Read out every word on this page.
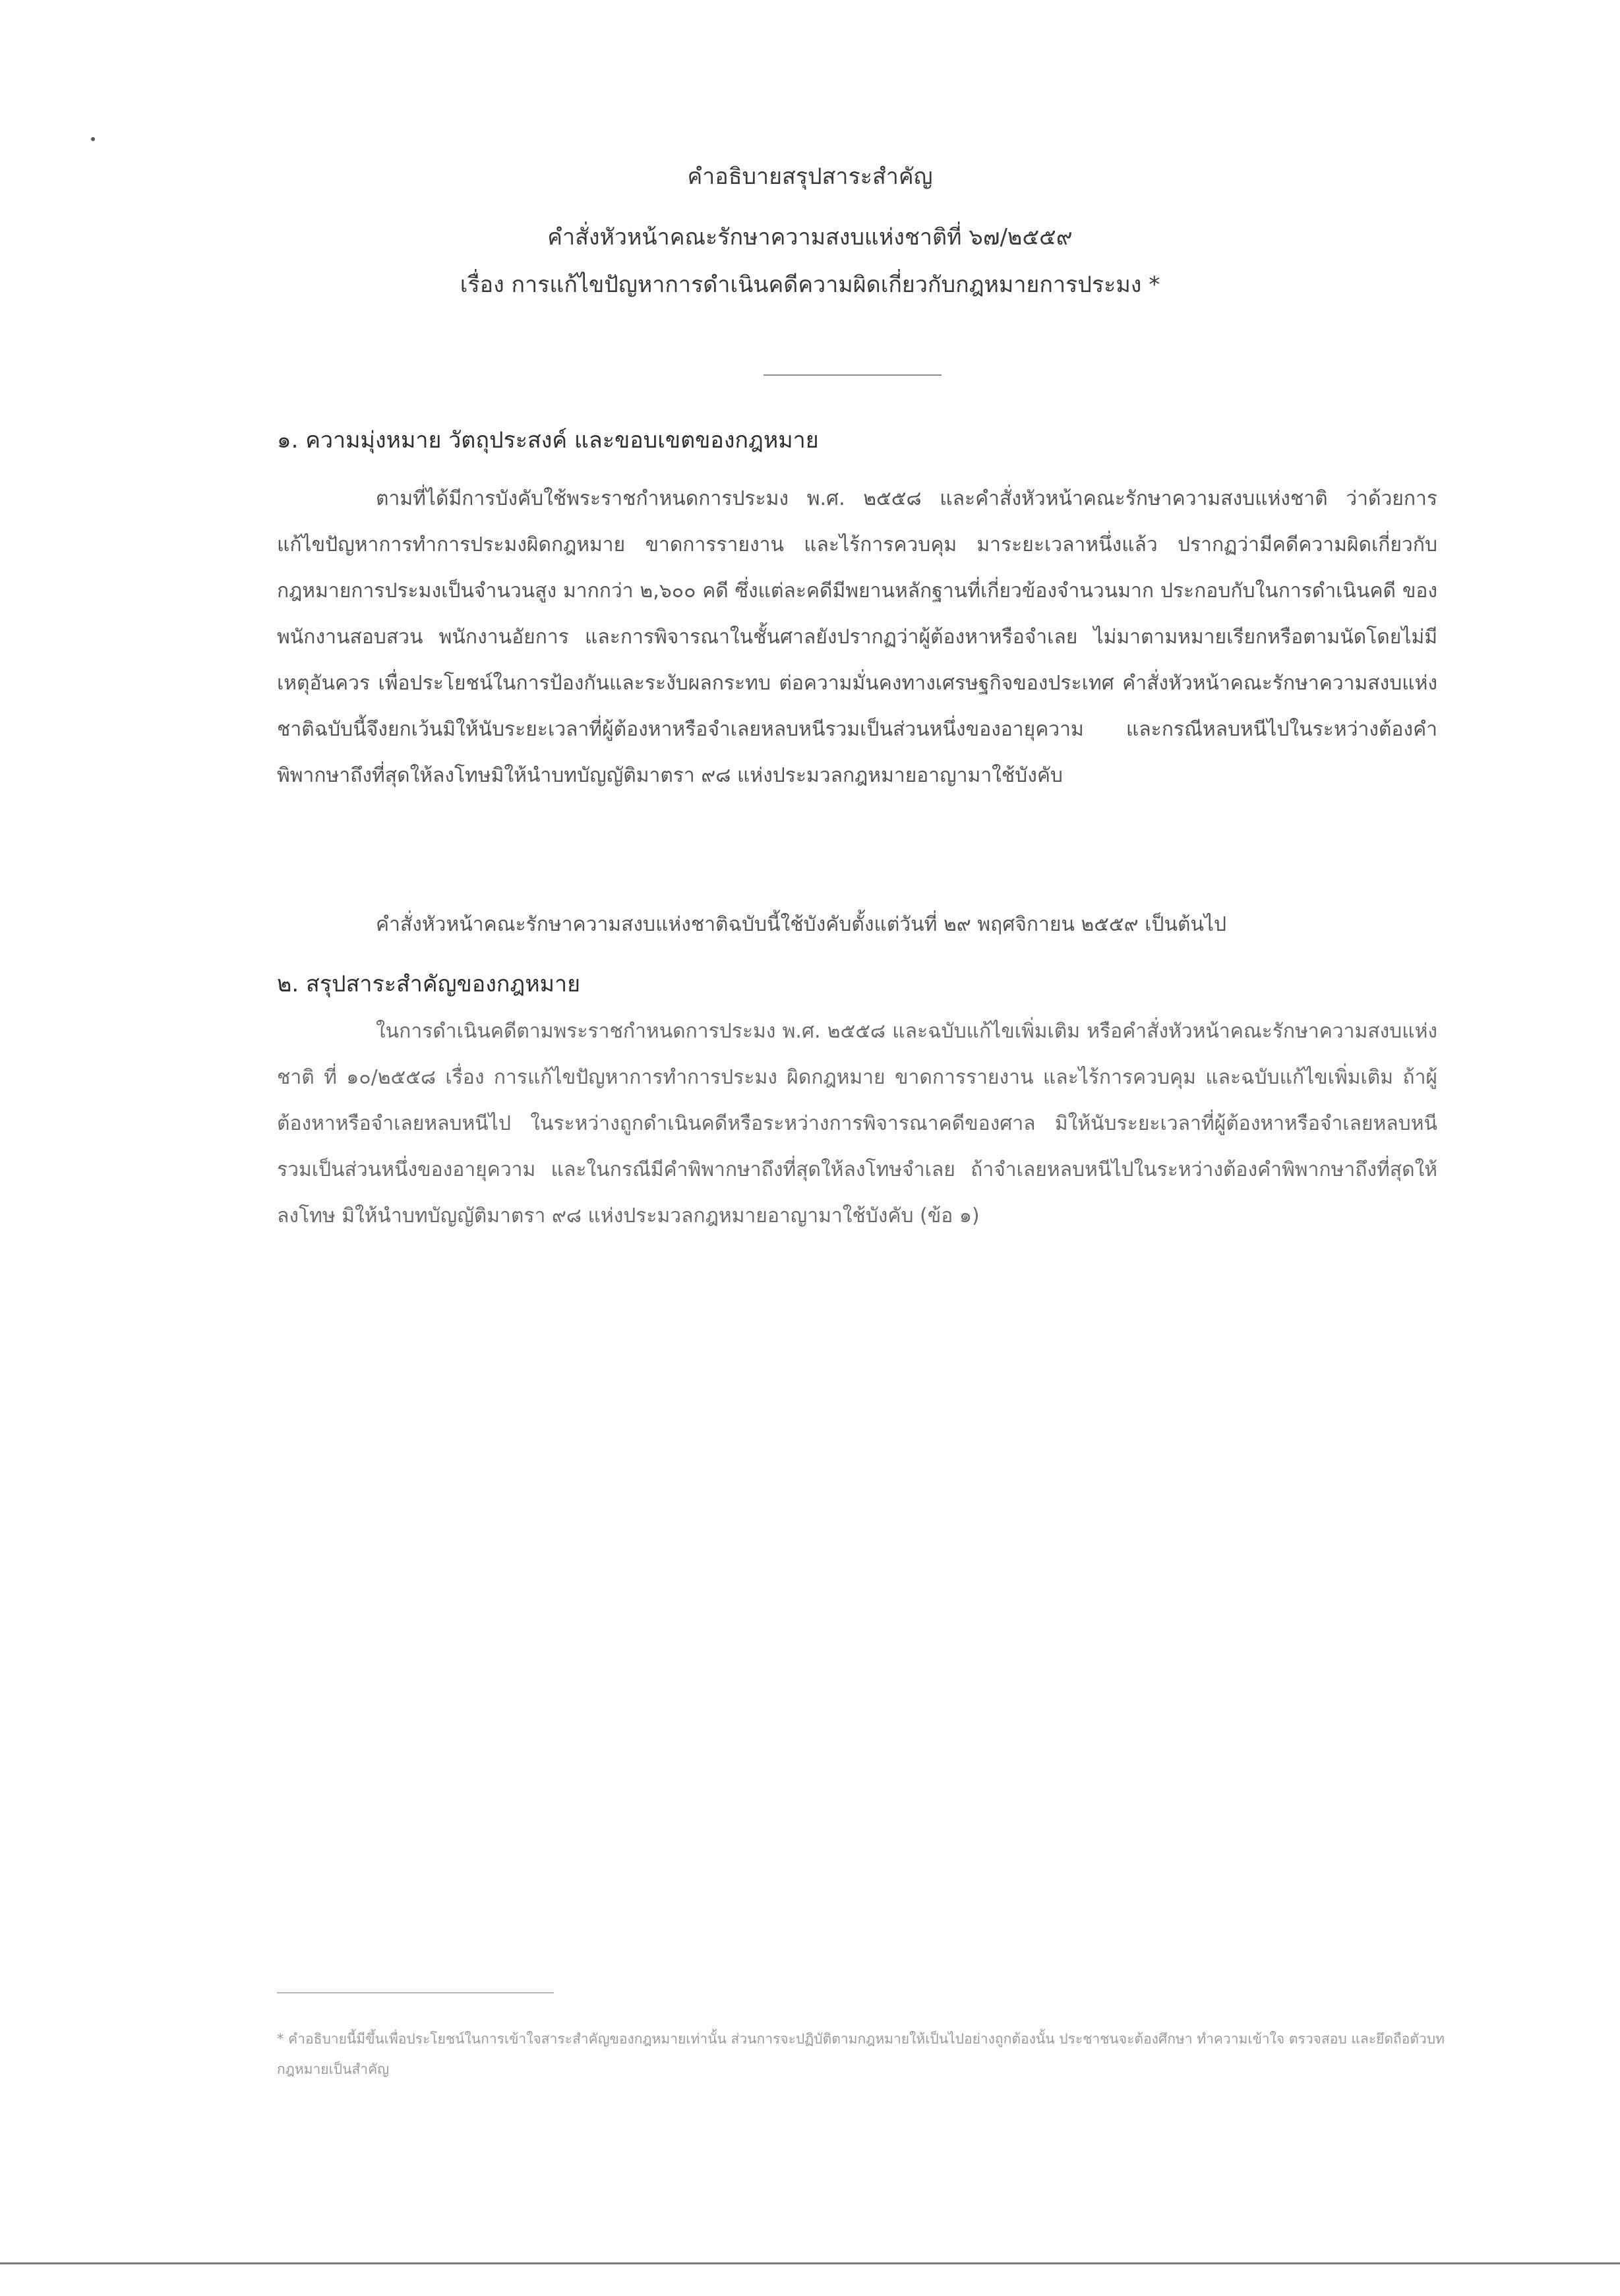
คำอธิบายสรุปสาระสำคัญ
คำสั่งหัวหน้าคณะรักษาความสงบแห่งชาติที่ ๖๗/๒๕๕๙
เรื่อง การแก้ไขปัญหาการดำเนินคดีความผิดเกี่ยวกับกฎหมายการประมง *
๑. ความมุ่งหมาย วัตถุประสงค์ และขอบเขตของกฎหมาย

ตามที่ได้มีการบังคับใช้พระราชกำหนดการประมง พ.ศ. ๒๕๕๘ และคำสั่งหัวหน้าคณะรักษาความสงบแห่งชาติ ว่าด้วยการแก้ไขปัญหาการทำการประมงผิดกฎหมาย ขาดการรายงาน และไร้การควบคุม มาระยะเวลาหนึ่งแล้ว ปรากฏว่ามีคดีความผิดเกี่ยวกับกฎหมายการประมงเป็นจำนวนสูง มากกว่า ๒,๖๐๐ คดี ซึ่งแต่ละคดีมีพยานหลักฐานที่เกี่ยวข้องจำนวนมาก ประกอบกับในการดำเนินคดี ของพนักงานสอบสวน พนักงานอัยการ และการพิจารณาในชั้นศาลยังปรากฏว่าผู้ต้องหาหรือจำเลย ไม่มาตามหมายเรียกหรือตามนัดโดยไม่มีเหตุอันควร เพื่อประโยชน์ในการป้องกันและระงับผลกระทบ ต่อความมั่นคงทางเศรษฐกิจของประเทศ คำสั่งหัวหน้าคณะรักษาความสงบแห่งชาติฉบับนี้จึงยกเว้นมิให้นับระยะเวลาที่ผู้ต้องหาหรือจำเลยหลบหนีรวมเป็นส่วนหนึ่งของอายุความ และกรณีหลบหนีไปในระหว่างต้องคำพิพากษาถึงที่สุดให้ลงโทษมิให้นำบทบัญญัติมาตรา ๙๘ แห่งประมวลกฎหมายอาญามาใช้บังคับ

คำสั่งหัวหน้าคณะรักษาความสงบแห่งชาติฉบับนี้ใช้บังคับตั้งแต่วันที่ ๒๙ พฤศจิกายน ๒๕๕๙ เป็นต้นไป

๒. สรุปสาระสำคัญของกฎหมาย

ในการดำเนินคดีตามพระราชกำหนดการประมง พ.ศ. ๒๕๕๘ และฉบับแก้ไขเพิ่มเติม หรือคำสั่งหัวหน้าคณะรักษาความสงบแห่งชาติ ที่ ๑๐/๒๕๕๘ เรื่อง การแก้ไขปัญหาการทำการประมง ผิดกฎหมาย ขาดการรายงาน และไร้การควบคุม และฉบับแก้ไขเพิ่มเติม ถ้าผู้ต้องหาหรือจำเลยหลบหนีไป ในระหว่างถูกดำเนินคดีหรือระหว่างการพิจารณาคดีของศาล มิให้นับระยะเวลาที่ผู้ต้องหาหรือจำเลยหลบหนีรวมเป็นส่วนหนึ่งของอายุความ และในกรณีมีคำพิพากษาถึงที่สุดให้ลงโทษจำเลย ถ้าจำเลยหลบหนีไปในระหว่างต้องคำพิพากษาถึงที่สุดให้ลงโทษ มิให้นำบทบัญญัติมาตรา ๙๘ แห่งประมวลกฎหมายอาญามาใช้บังคับ (ข้อ ๑)

* คำอธิบายนี้มีขึ้นเพื่อประโยชน์ในการเข้าใจสาระสำคัญของกฎหมายเท่านั้น ส่วนการจะปฏิบัติตามกฎหมายให้เป็นไปอย่างถูกต้องนั้น ประชาชนจะต้องศึกษา ทำความเข้าใจ ตรวจสอบ และยึดถือตัวบทกฎหมายเป็นสำคัญ
